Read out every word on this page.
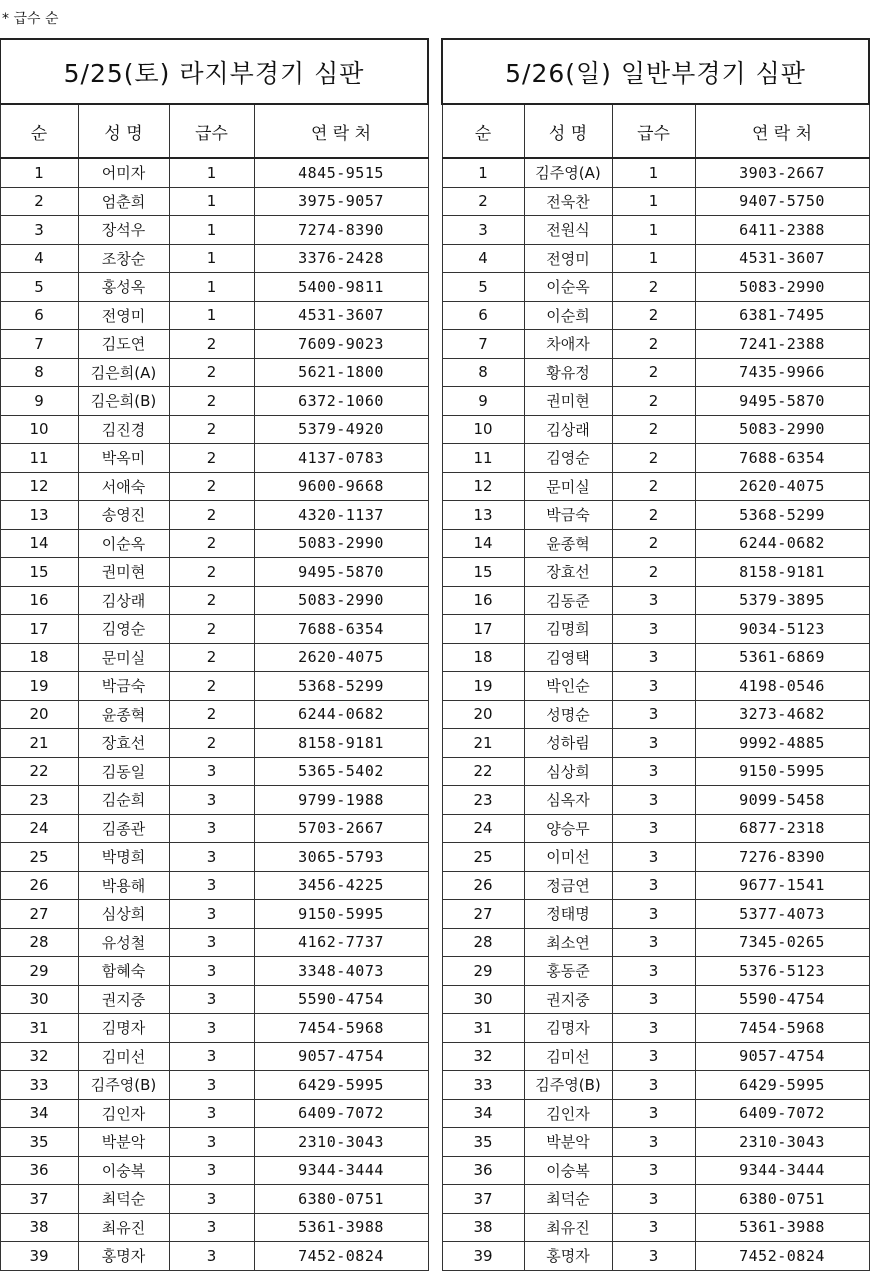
* 급수 순
5/25(토) 라지부경기 심판			
순	성 명	급수	연 락 처
1	어미자	1	4845-9515
2	엄춘희	1	3975-9057
3	장석우	1	7274-8390
4	조창순	1	3376-2428
5	홍성옥	1	5400-9811
6	전영미	1	4531-3607
7	김도연	2	7609-9023
8	김은희(A)	2	5621-1800
9	김은희(B)	2	6372-1060
10	김진경	2	5379-4920
11	박옥미	2	4137-0783
12	서애숙	2	9600-9668
13	송영진	2	4320-1137
14	이순옥	2	5083-2990
15	권미현	2	9495-5870
16	김상래	2	5083-2990
17	김영순	2	7688-6354
18	문미실	2	2620-4075
19	박금숙	2	5368-5299
20	윤종혁	2	6244-0682
21	장효선	2	8158-9181
22	김동일	3	5365-5402
23	김순희	3	9799-1988
24	김종관	3	5703-2667
25	박명희	3	3065-5793
26	박용해	3	3456-4225
27	심상희	3	9150-5995
28	유성철	3	4162-7737
29	함혜숙	3	3348-4073
30	권지중	3	5590-4754
31	김명자	3	7454-5968
32	김미선	3	9057-4754
33	김주영(B)	3	6429-5995
34	김인자	3	6409-7072
35	박분악	3	2310-3043
36	이숭복	3	9344-3444
37	최덕순	3	6380-0751
38	최유진	3	5361-3988
39	홍명자	3	7452-0824
5/26(일) 일반부경기 심판			
순	성 명	급수	연 락 처
1	김주영(A)	1	3903-2667
2	전욱찬	1	9407-5750
3	전원식	1	6411-2388
4	전영미	1	4531-3607
5	이순옥	2	5083-2990
6	이순희	2	6381-7495
7	차애자	2	7241-2388
8	황유정	2	7435-9966
9	권미현	2	9495-5870
10	김상래	2	5083-2990
11	김영순	2	7688-6354
12	문미실	2	2620-4075
13	박금숙	2	5368-5299
14	윤종혁	2	6244-0682
15	장효선	2	8158-9181
16	김동준	3	5379-3895
17	김명희	3	9034-5123
18	김영택	3	5361-6869
19	박인순	3	4198-0546
20	성명순	3	3273-4682
21	성하림	3	9992-4885
22	심상희	3	9150-5995
23	심옥자	3	9099-5458
24	양승무	3	6877-2318
25	이미선	3	7276-8390
26	정금연	3	9677-1541
27	정태명	3	5377-4073
28	최소연	3	7345-0265
29	홍동준	3	5376-5123
30	권지중	3	5590-4754
31	김명자	3	7454-5968
32	김미선	3	9057-4754
33	김주영(B)	3	6429-5995
34	김인자	3	6409-7072
35	박분악	3	2310-3043
36	이숭복	3	9344-3444
37	최덕순	3	6380-0751
38	최유진	3	5361-3988
39	홍명자	3	7452-0824
